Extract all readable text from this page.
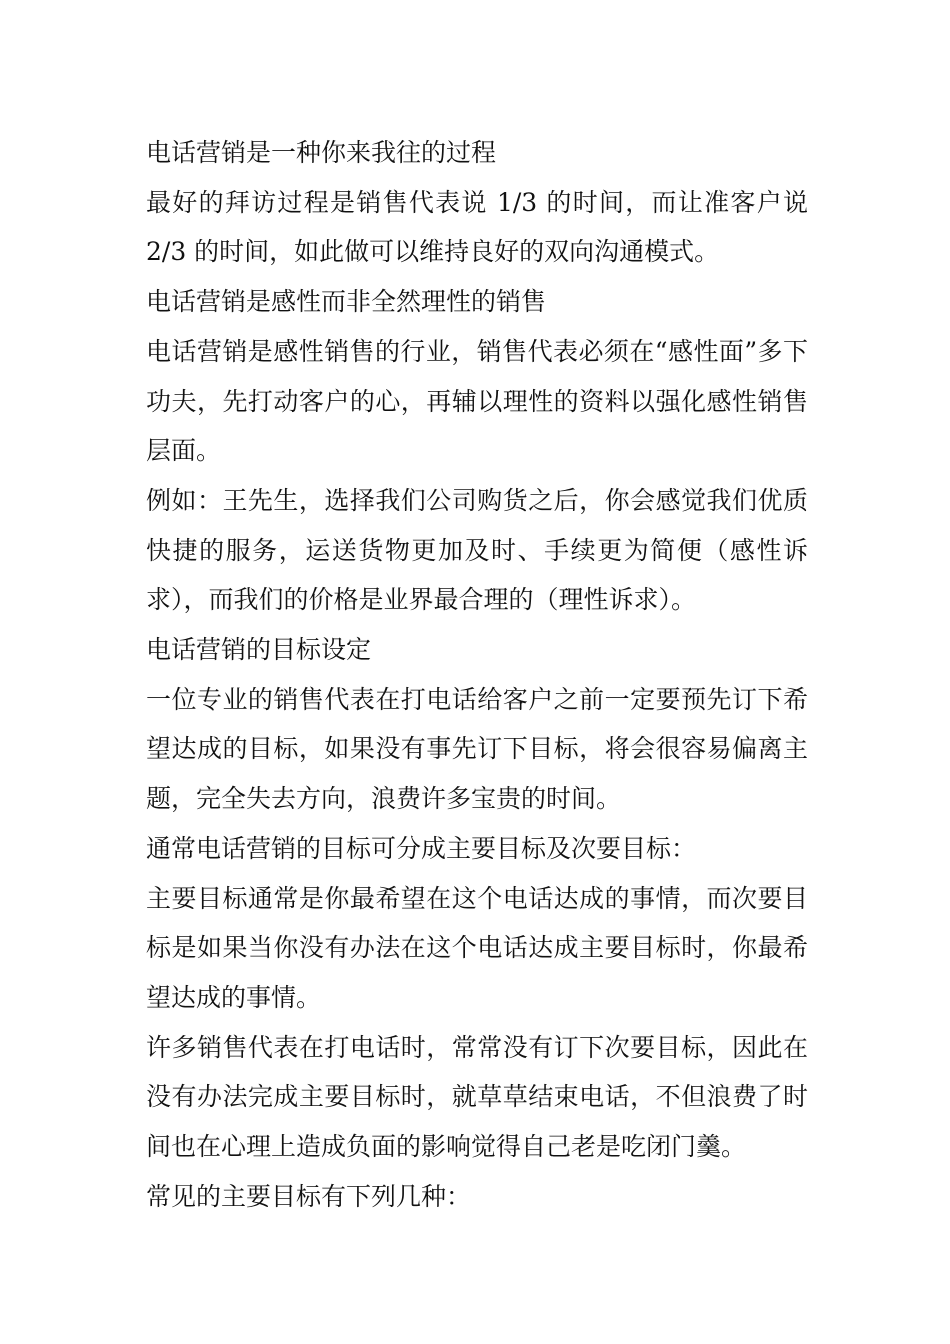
电话营销是一种你来我往的过程

最好的拜访过程是销售代表说 1/3 的时间，而让准客户说 2/3 的时间，如此做可以维持良好的双向沟通模式。

电话营销是感性而非全然理性的销售

电话营销是感性销售的行业，销售代表必须在“感性面”多下功夫，先打动客户的心，再辅以理性的资料以强化感性销售层面。

例如：王先生，选择我们公司购货之后，你会感觉我们优质快捷的服务，运送货物更加及时、手续更为简便（感性诉求），而我们的价格是业界最合理的（理性诉求）。

电话营销的目标设定

一位专业的销售代表在打电话给客户之前一定要预先订下希望达成的目标，如果没有事先订下目标，将会很容易偏离主题，完全失去方向，浪费许多宝贵的时间。

通常电话营销的目标可分成主要目标及次要目标：

主要目标通常是你最希望在这个电话达成的事情，而次要目标是如果当你没有办法在这个电话达成主要目标时，你最希望达成的事情。

许多销售代表在打电话时，常常没有订下次要目标，因此在没有办法完成主要目标时，就草草结束电话，不但浪费了时间也在心理上造成负面的影响觉得自己老是吃闭门羹。

常见的主要目标有下列几种：
